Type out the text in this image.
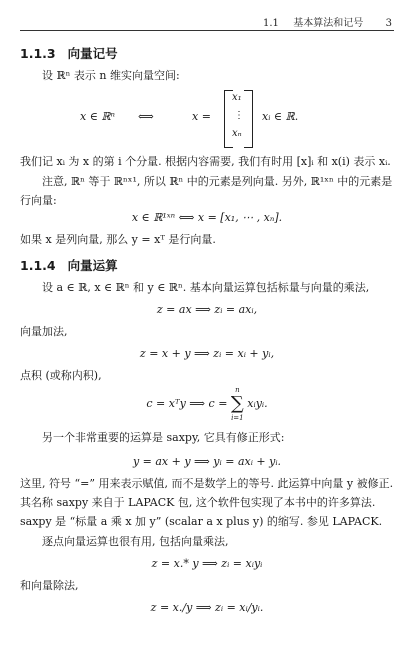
1.1 基本算法和记号 3
1.1.3 向量记号
设 ℝⁿ 表示 n 维实向量空间:
x ∈ ℝⁿ ⟺	x =
x₁
⋮
xₙ
xᵢ ∈ ℝ.
我们记 xᵢ 为 x 的第 i 个分量. 根据内容需要, 我们有时用 [x]ᵢ 和 x(i) 表示 xᵢ.
注意, ℝⁿ 等于 ℝⁿˣ¹, 所以 ℝⁿ 中的元素是列向量. 另外, ℝ¹ˣⁿ 中的元素是行向量:
x ∈ ℝ¹ˣⁿ ⟺ x = [x₁, ⋯ , xₙ].
如果 x 是列向量, 那么 y = xᵀ 是行向量.
1.1.4 向量运算
设 a ∈ ℝ, x ∈ ℝⁿ 和 y ∈ ℝⁿ. 基本向量运算包括标量与向量的乘法,
z = ax ⟹ zᵢ = axᵢ,
向量加法,
z = x + y ⟹ zᵢ = xᵢ + yᵢ,
点积 (或称内积),
c = xᵀy ⟹ c =
n
∑
i=1
xᵢyᵢ.
另一个非常重要的运算是 saxpy, 它具有修正形式:
y = ax + y ⟹ yᵢ = axᵢ + yᵢ.
这里, 符号 “=” 用来表示赋值, 而不是数学上的等号. 此运算中向量 y 被修正. 其名称 saxpy 来自于 LAPACK 包, 这个软件包实现了本书中的许多算法. saxpy 是 “标量 a 乘 x 加 y” (scalar a x plus y) 的缩写. 参见 LAPACK.
逐点向量运算也很有用, 包括向量乘法,
z = x.* y ⟹ zᵢ = xᵢyᵢ
和向量除法,
z = x./y ⟹ zᵢ = xᵢ/yᵢ.
